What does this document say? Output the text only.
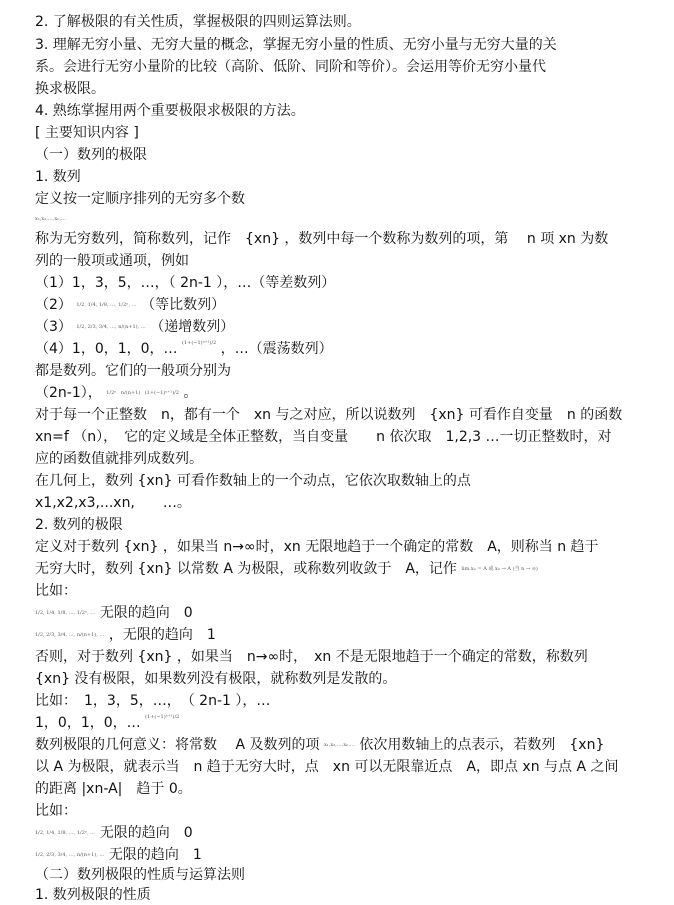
2. 了解极限的有关性质，掌握极限的四则运算法则。
3. 理解无穷小量、无穷大量的概念，掌握无穷小量的性质、无穷小量与无穷大量的关
系。会进行无穷小量阶的比较（高阶、低阶、同阶和等价）。会运用等价无穷小量代
换求极限。
4. 熟练掌握用两个重要极限求极限的方法。
[ 主要知识内容 ]
（一）数列的极限
1. 数列
定义按一定顺序排列的无穷多个数
x₁,x₂,…,xₙ,…
称为无穷数列，简称数列，记作　{xn} ，数列中每一个数称为数列的项，第　 n 项 xn 为数
列的一般项或通项，例如
（1）1，3，5，…，（ 2n-1 ），…（等差数列）
（2） 1/2, 1/4, 1/8, …, 1/2ⁿ, … （等比数列）
（3） 1/2, 2/3, 3/4, …, n/(n+1), … （递增数列）
（4）1，0，1，0，… (1+(−1)ⁿ⁺¹)/2 ，…（震荡数列）
都是数列。它们的一般项分别为
（2n-1）， 1/2ⁿ n/(n+1) (1+(−1)ⁿ⁺¹)/2 。
对于每一个正整数　n，都有一个　xn 与之对应，所以说数列　{xn} 可看作自变量　n 的函数
xn=f （n），　它的定义域是全体正整数，当自变量　　n 依次取　1,2,3 …一切正整数时，对
应的函数值就排列成数列。
在几何上，数列 {xn} 可看作数轴上的一个动点，它依次取数轴上的点
x1,x2,x3,...xn,　　…。
2. 数列的极限
定义对于数列 {xn} ，如果当 n→∞时，xn 无限地趋于一个确定的常数　A，则称当 n 趋于
无穷大时，数列 {xn} 以常数 A 为极限，或称数列收敛于　A，记作 lim xₙ = A 或 xₙ → A (当 n → ∞)
比如：
1/2, 1/4, 1/8, …, 1/2ⁿ, … 无限的趋向　0
1/2, 2/3, 3/4, …, n/(n+1), … ，无限的趋向　1
否则，对于数列 {xn} ，如果当　n→∞时，　xn 不是无限地趋于一个确定的常数，称数列
{xn} 没有极限，如果数列没有极限，就称数列是发散的。
比如：　1，3，5，…，　（ 2n-1 ），…
1，0，1，0，… (1+(−1)ⁿ⁺¹)/2
数列极限的几何意义：将常数　 A 及数列的项 x₁,x₂,…,xₙ,… 依次用数轴上的点表示，若数列　{xn}
以 A 为极限，就表示当　n 趋于无穷大时，点　xn 可以无限靠近点　A，即点 xn 与点 A 之间
的距离 |xn-A|　趋于 0。
比如：
1/2, 1/4, 1/8, …, 1/2ⁿ, … 无限的趋向　0
1/2, 2/3, 3/4, …, n/(n+1), … 无限的趋向　1
（二）数列极限的性质与运算法则
1. 数列极限的性质
